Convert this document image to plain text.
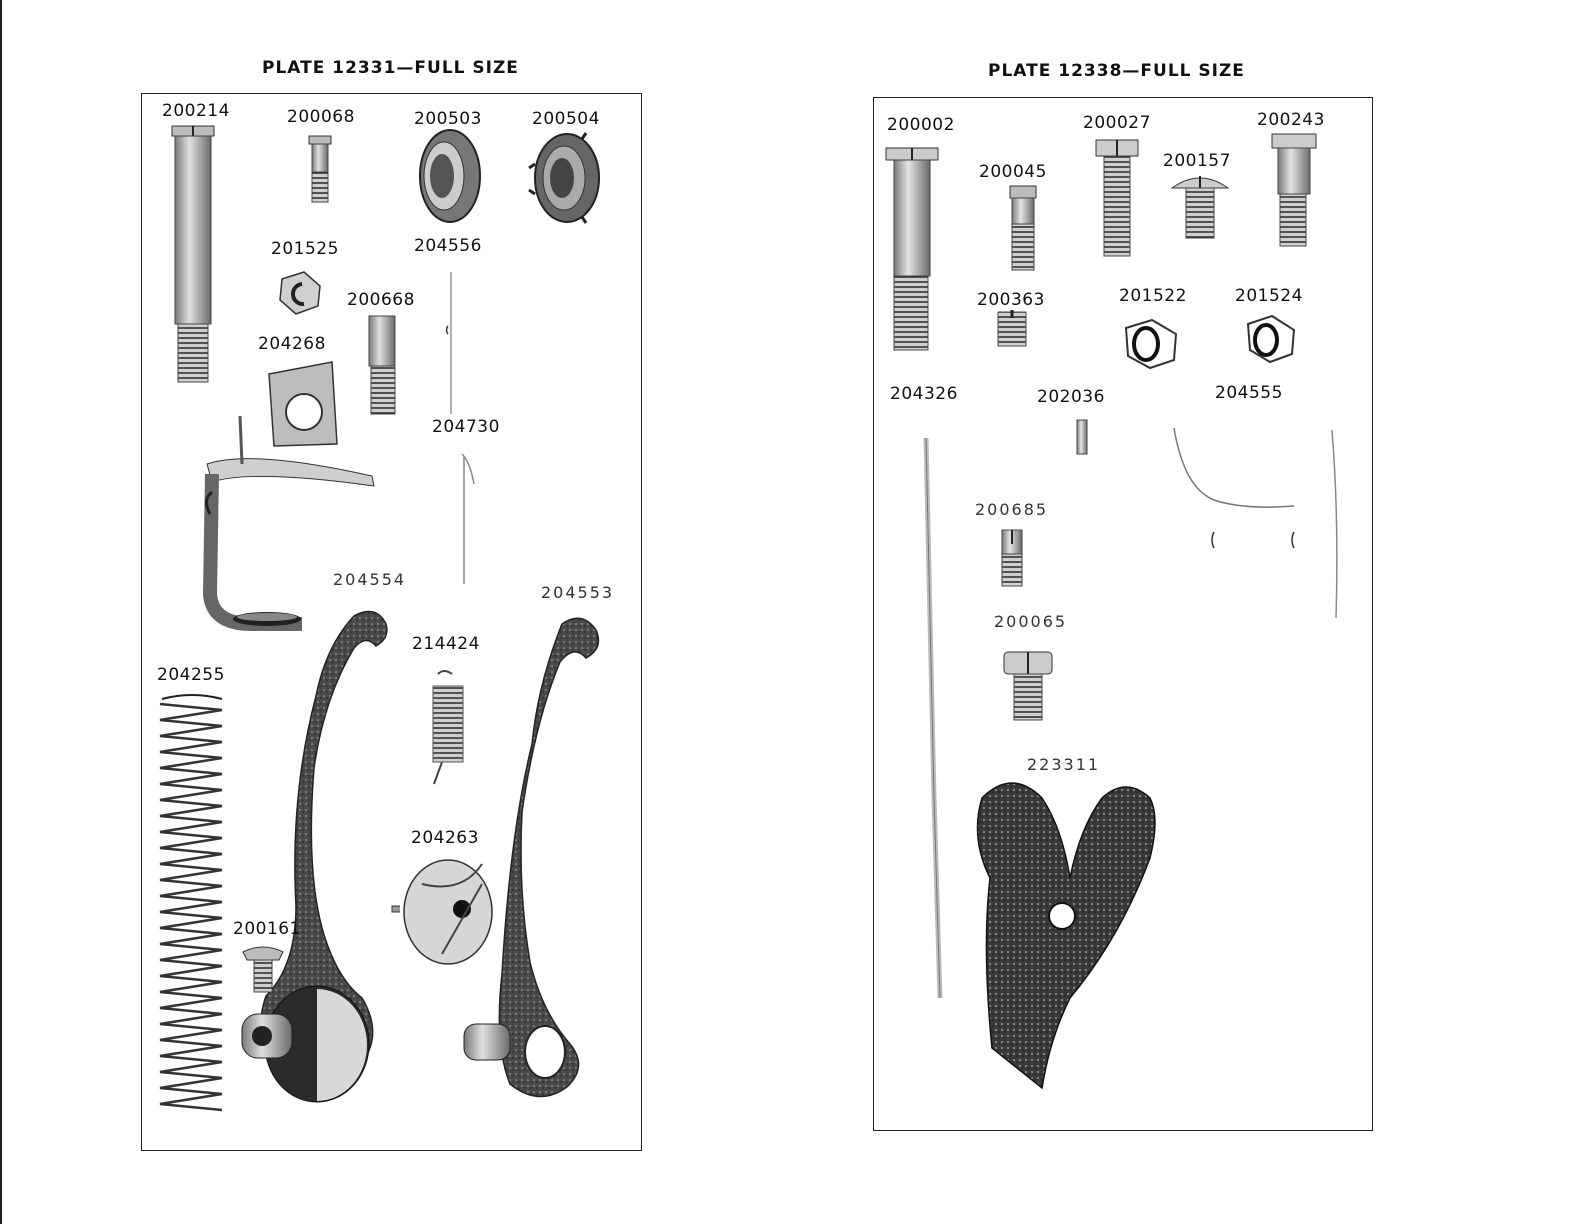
PLATE 12331—FULL SIZE
200214	200068	200503	200504
201525	204556
200668
204268
204730
204554
204553
214424
204255
204263
200161
PLATE 12338—FULL SIZE
200002	200027	200243
200157
200045
200363	201522	201524
204326	202036	204555
200685
200065
223311
